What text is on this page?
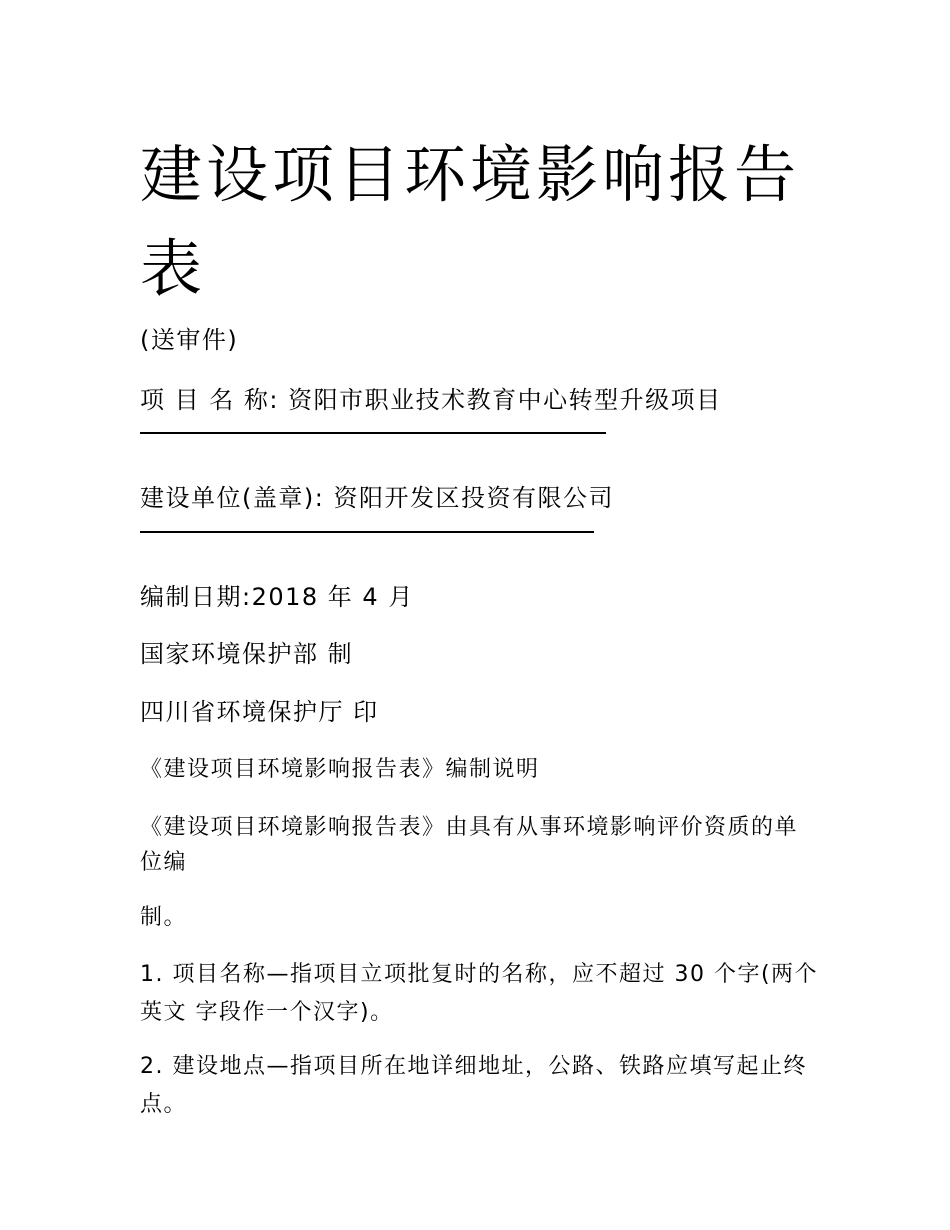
建设项目环境影响报告表

(送审件)

项 目 名 称: 资阳市职业技术教育中心转型升级项目

建设单位(盖章): 资阳开发区投资有限公司

编制日期:2018 年 4 月

国家环境保护部 制

四川省环境保护厅 印

《建设项目环境影响报告表》编制说明

《建设项目环境影响报告表》由具有从事环境影响评价资质的单位编

制。

1. 项目名称—指项目立项批复时的名称，应不超过 30 个字(两个英文 字段作一个汉字)。

2. 建设地点—指项目所在地详细地址，公路、铁路应填写起止终点。
